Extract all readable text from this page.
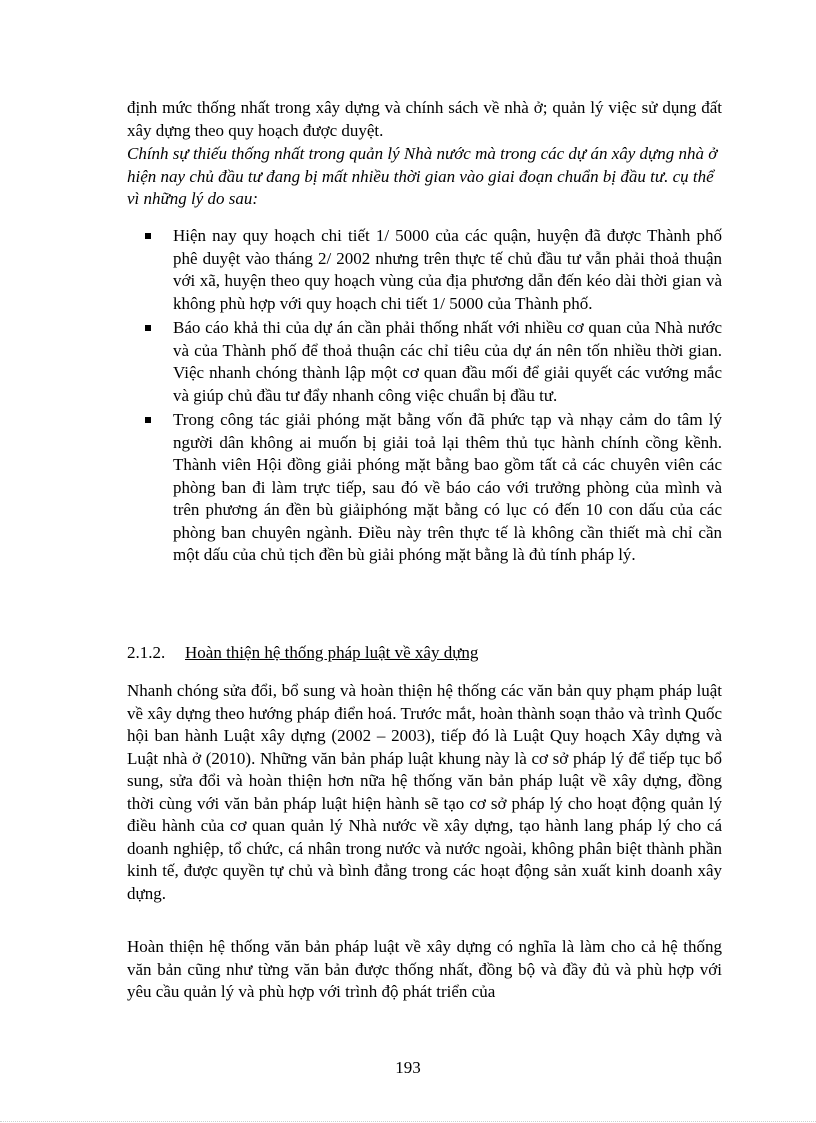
định mức thống nhất trong xây dựng và chính sách về nhà ở; quản lý việc sử dụng đất xây dựng theo quy hoạch được duyệt.

Chính sự thiếu thống nhất trong quản lý Nhà nước mà trong các dự án xây dựng nhà ở hiện nay chủ đầu tư đang bị mất nhiều thời gian vào giai đoạn chuẩn bị đầu tư. cụ thể vì những lý do sau:

Hiện nay quy hoạch chi tiết 1/ 5000 của các quận, huyện đã được Thành phố phê duyệt vào tháng 2/ 2002 nhưng trên thực tế chủ đầu tư vẫn phải thoả thuận với xã, huyện theo quy hoạch vùng của địa phương dẫn đến kéo dài thời gian và không phù hợp với quy hoạch chi tiết 1/ 5000 của Thành phố.
Báo cáo khả thi của dự án cần phải thống nhất với nhiều cơ quan của Nhà nước và của Thành phố để thoả thuận các chỉ tiêu của dự án nên tốn nhiều thời gian. Việc nhanh chóng thành lập một cơ quan đầu mối để giải quyết các vướng mắc và giúp chủ đầu tư đẩy nhanh công việc chuẩn bị đầu tư.
Trong công tác giải phóng mặt bằng vốn đã phức tạp và nhạy cảm do tâm lý người dân không ai muốn bị giải toả lại thêm thủ tục hành chính cồng kềnh. Thành viên Hội đồng giải phóng mặt bằng bao gồm tất cả các chuyên viên các phòng ban đi làm trực tiếp, sau đó về báo cáo với trưởng phòng của mình và trên phương án đền bù giảiphóng mặt bằng có lục có đến 10 con dấu của các phòng ban chuyên ngành. Điều này trên thực tế là không cần thiết mà chỉ cần một dấu của chủ tịch đền bù giải phóng mặt bằng là đủ tính pháp lý.
2.1.2. Hoàn thiện hệ thống pháp luật về xây dựng

Nhanh chóng sửa đổi, bổ sung và hoàn thiện hệ thống các văn bản quy phạm pháp luật về xây dựng theo hướng pháp điển hoá. Trước mắt, hoàn thành soạn thảo và trình Quốc hội ban hành Luật xây dựng (2002 – 2003), tiếp đó là Luật Quy hoạch Xây dựng và Luật nhà ở (2010). Những văn bản pháp luật khung này là cơ sở pháp lý để tiếp tục bổ sung, sửa đổi và hoàn thiện hơn nữa hệ thống văn bản pháp luật về xây dựng, đồng thời cùng với văn bản pháp luật hiện hành sẽ tạo cơ sở pháp lý cho hoạt động quản lý điều hành của cơ quan quản lý Nhà nước về xây dựng, tạo hành lang pháp lý cho cá doanh nghiệp, tổ chức, cá nhân trong nước và nước ngoài, không phân biệt thành phần kinh tế, được quyền tự chủ và bình đẳng trong các hoạt động sản xuất kinh doanh xây dựng.

Hoàn thiện hệ thống văn bản pháp luật về xây dựng có nghĩa là làm cho cả hệ thống văn bản cũng như từng văn bản được thống nhất, đồng bộ và đầy đủ và phù hợp với yêu cầu quản lý và phù hợp với trình độ phát triển của

193
